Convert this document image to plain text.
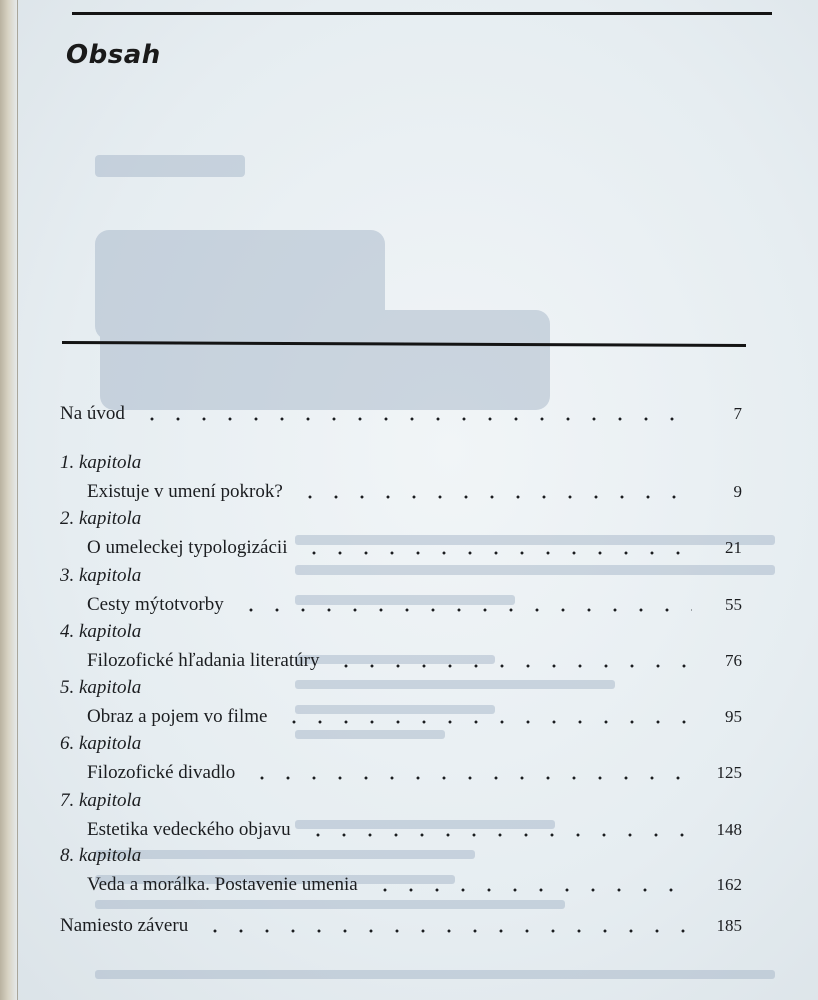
Obsah
Na úvod	7
1. kapitola
Existuje v umení pokrok?	9
2. kapitola
O umeleckej typologizácii	21
3. kapitola
Cesty mýtotvorby	55
4. kapitola
Filozofické hľadania literatúry	76
5. kapitola
Obraz a pojem vo filme	95
6. kapitola
Filozofické divadlo	125
7. kapitola
Estetika vedeckého objavu	148
8. kapitola
Veda a morálka. Postavenie umenia	162
Namiesto záveru	185
